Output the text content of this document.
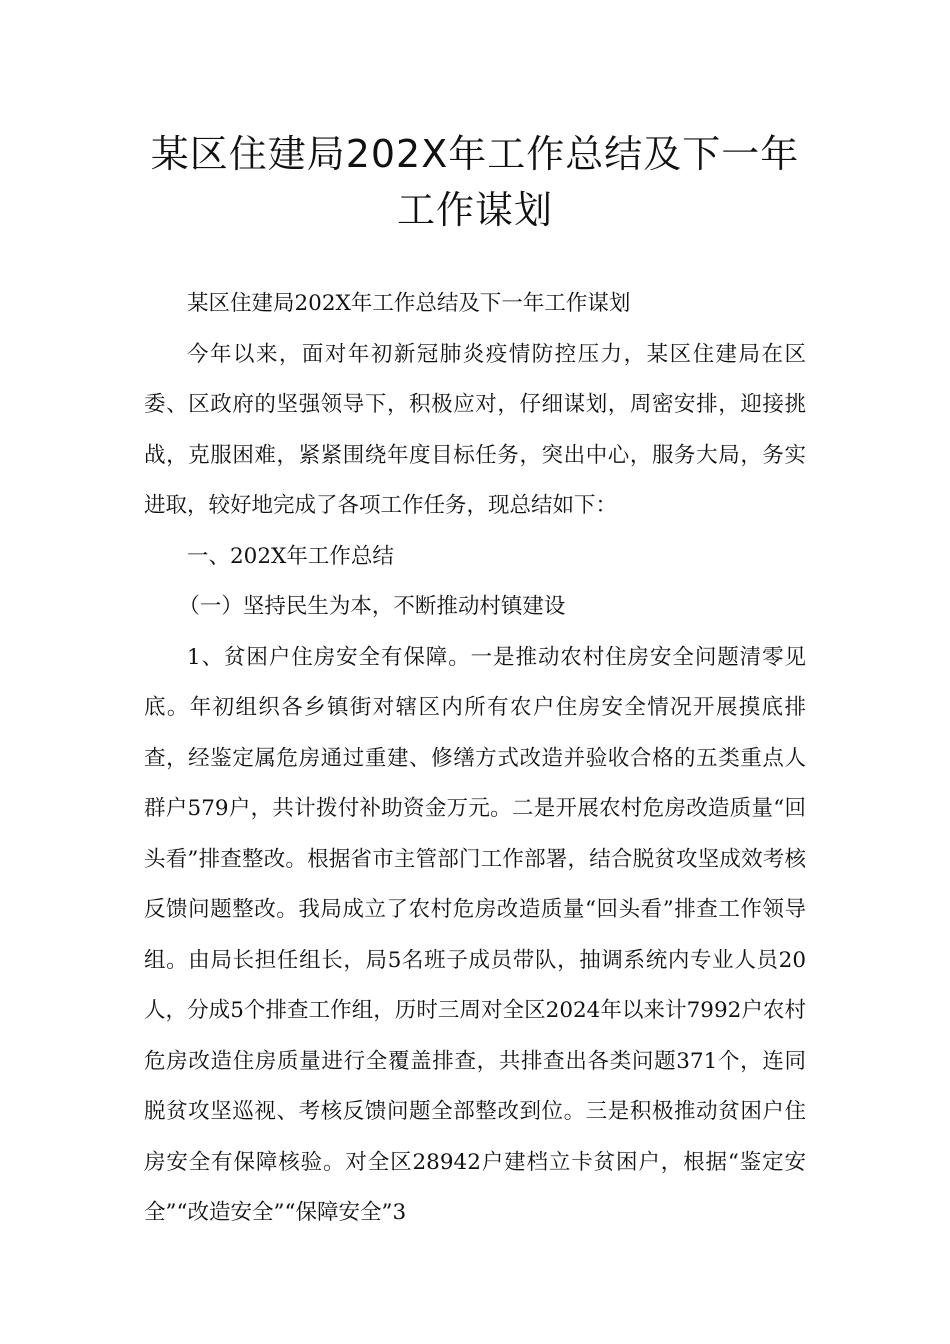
某区住建局202X年工作总结及下一年
工作谋划

某区住建局202X年工作总结及下一年工作谋划

今年以来，面对年初新冠肺炎疫情防控压力，某区住建局在区委、区政府的坚强领导下，积极应对，仔细谋划，周密安排，迎接挑战，克服困难，紧紧围绕年度目标任务，突出中心，服务大局，务实进取，较好地完成了各项工作任务，现总结如下：

一、202X年工作总结

（一）坚持民生为本，不断推动村镇建设

1、贫困户住房安全有保障。一是推动农村住房安全问题清零见底。年初组织各乡镇街对辖区内所有农户住房安全情况开展摸底排查，经鉴定属危房通过重建、修缮方式改造并验收合格的五类重点人群户579户，共计拨付补助资金万元。二是开展农村危房改造质量“回头看”排查整改。根据省市主管部门工作部署，结合脱贫攻坚成效考核反馈问题整改。我局成立了农村危房改造质量“回头看”排查工作领导组。由局长担任组长，局5名班子成员带队，抽调系统内专业人员20人，分成5个排查工作组，历时三周对全区2024年以来计7992户农村危房改造住房质量进行全覆盖排查，共排查出各类问题371个，连同脱贫攻坚巡视、考核反馈问题全部整改到位。三是积极推动贫困户住房安全有保障核验。对全区28942户建档立卡贫困户，根据“鉴定安全”“改造安全”“保障安全”3
